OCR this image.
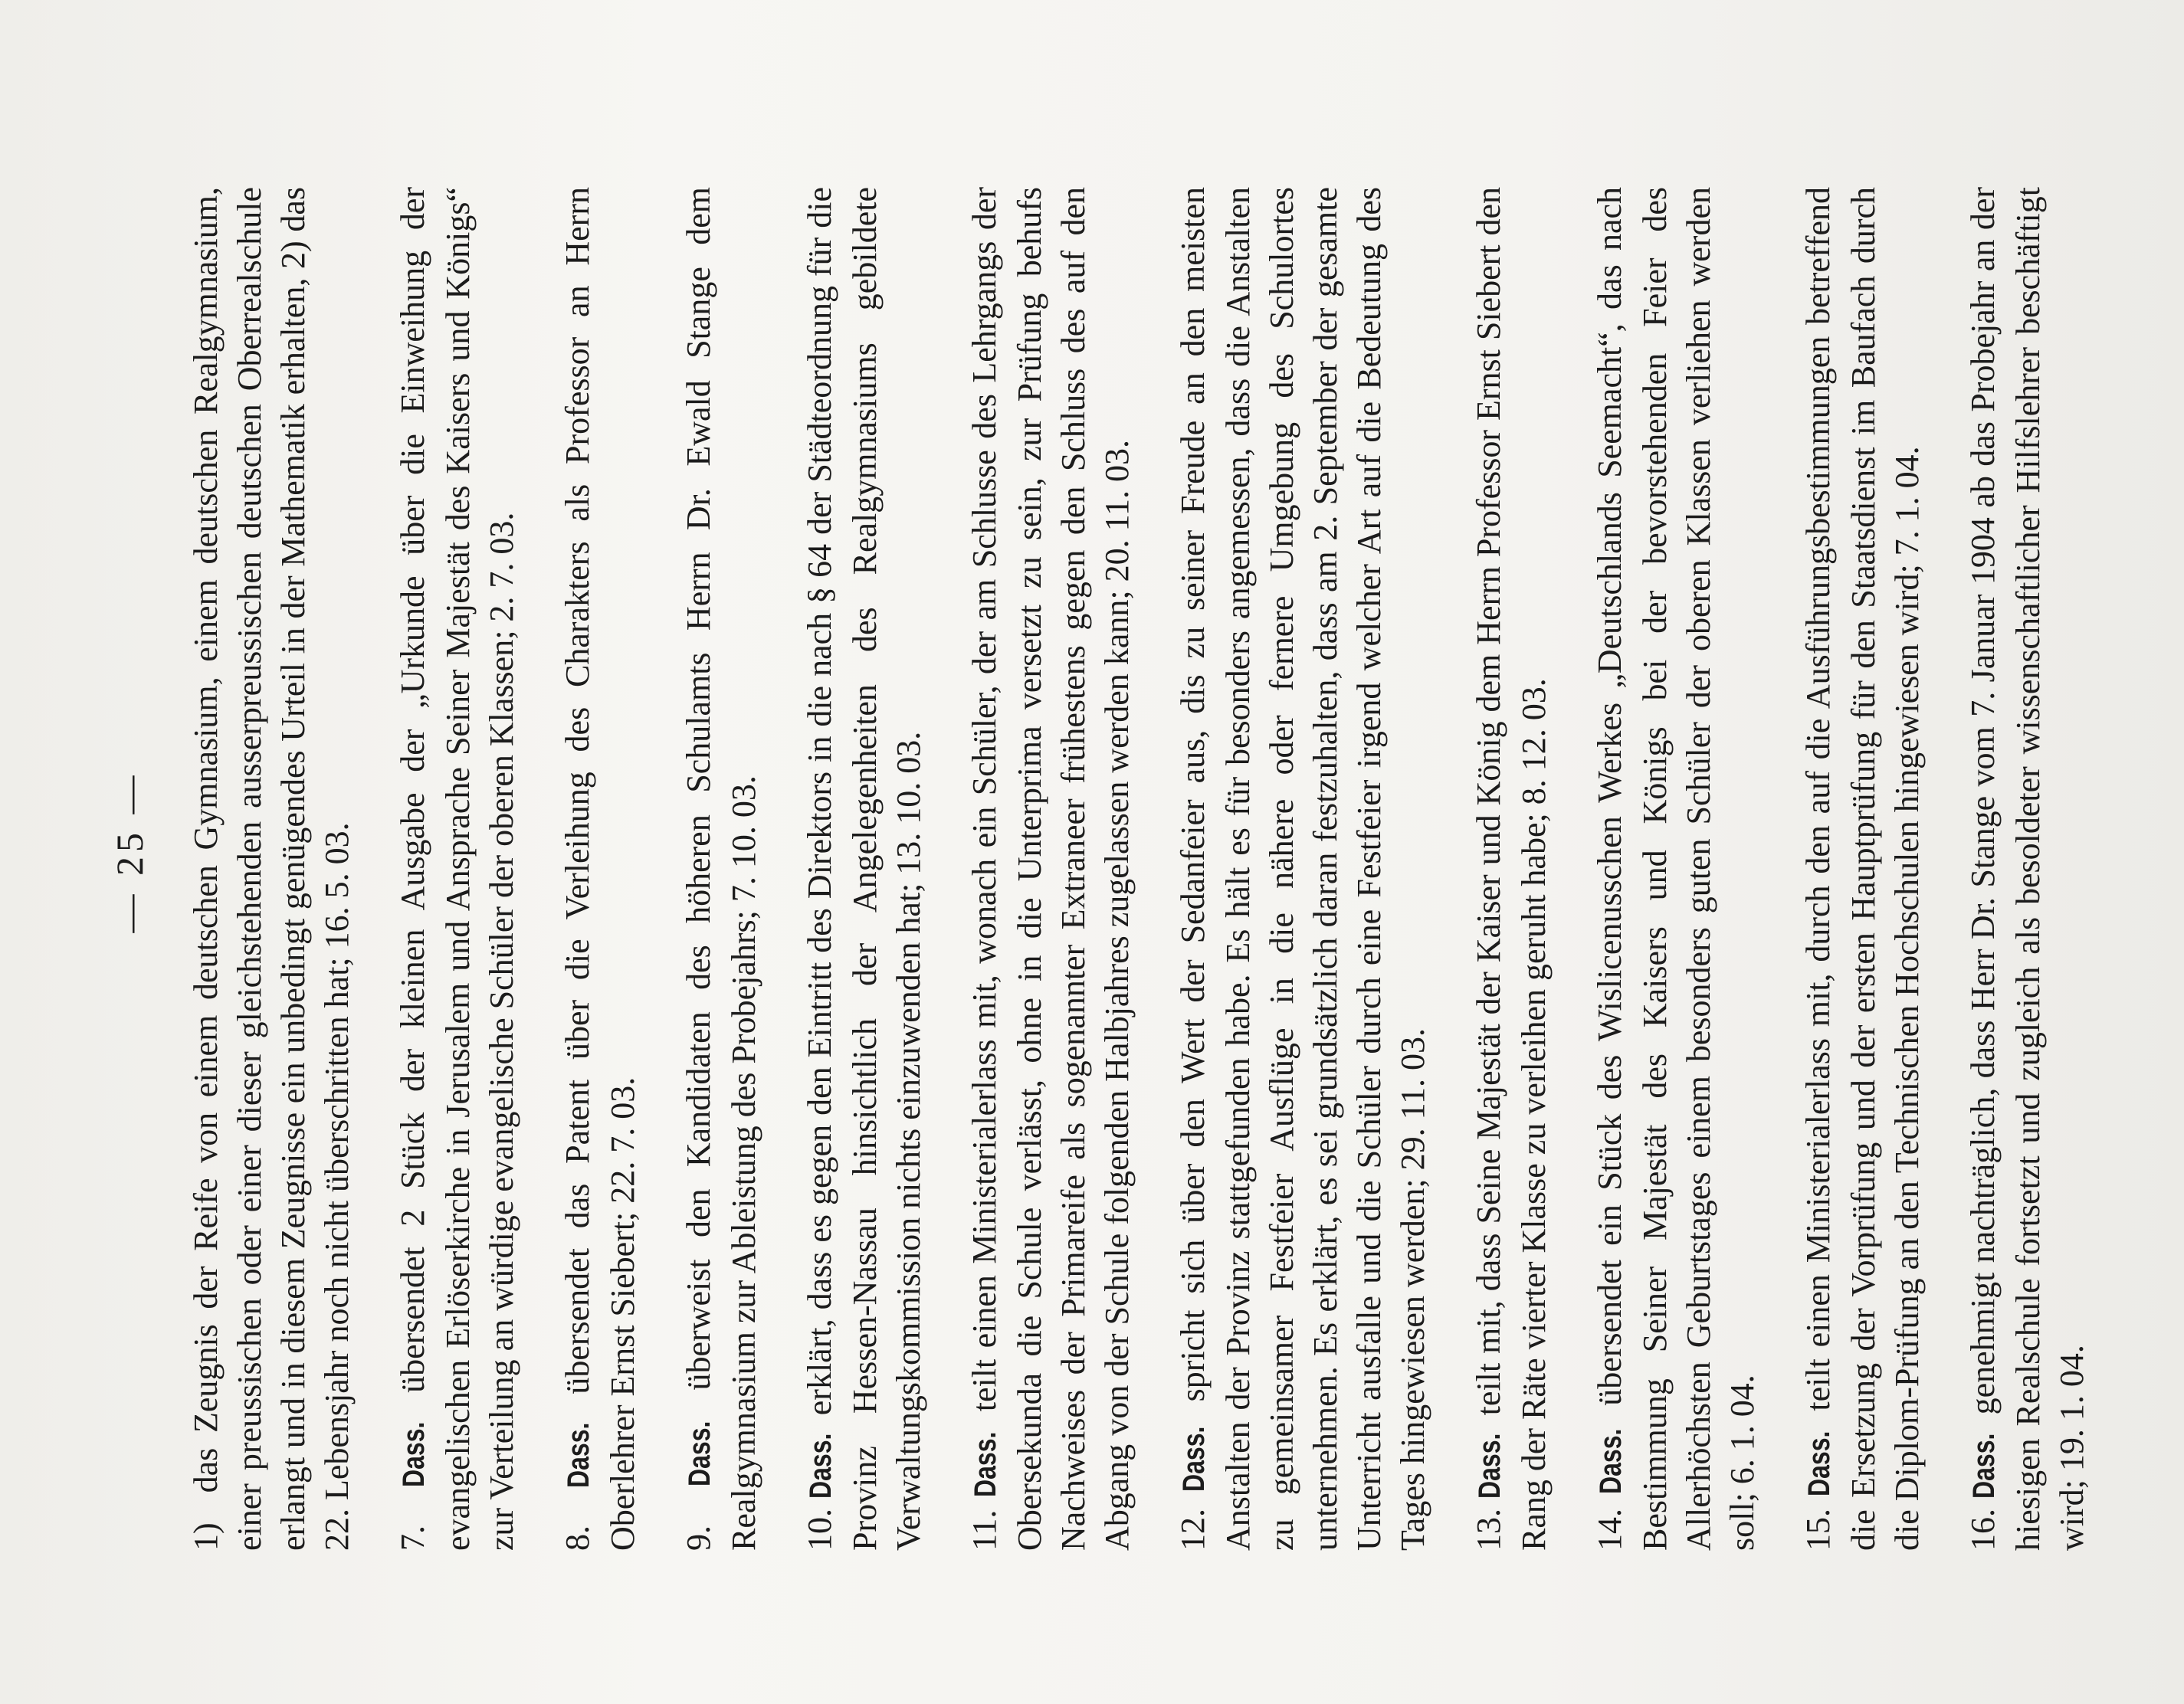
— 25 —

1) das Zeugnis der Reife von einem deutschen Gymnasium, einem deutschen Realgymnasium, einer preussischen oder einer dieser gleichstehenden ausserpreussischen deutschen Oberrealschule erlangt und in diesem Zeugnisse ein unbedingt genügendes Urteil in der Mathematik erhalten, 2) das 22. Lebensjahr noch nicht überschritten hat; 16. 5. 03. 7. Dass. übersendet 2 Stück der kleinen Ausgabe der „Urkunde über die Einweihung der evangelischen Erlöserkirche in Jerusalem und Ansprache Seiner Majestät des Kaisers und Königs“ zur Verteilung an würdige evangelische Schüler der oberen Klassen; 2. 7. 03. 8. Dass. übersendet das Patent über die Verleihung des Charakters als Professor an Herrn Oberlehrer Ernst Siebert; 22. 7. 03. 9. Dass. überweist den Kandidaten des höheren Schulamts Herrn Dr. Ewald Stange dem Realgymnasium zur Ableistung des Probejahrs; 7. 10. 03. 10. Dass. erklärt, dass es gegen den Eintritt des Direktors in die nach § 64 der Städteordnung für die Provinz Hessen-Nassau hinsichtlich der Angelegenheiten des Realgymnasiums gebildete Verwaltungskommission nichts einzuwenden hat; 13. 10. 03. 11. Dass. teilt einen Ministerialerlass mit, wonach ein Schüler, der am Schlusse des Lehrgangs der Obersekunda die Schule verlässt, ohne in die Unterprima versetzt zu sein, zur Prüfung behufs Nachweises der Primareife als sogenannter Extraneer frühestens gegen den Schluss des auf den Abgang von der Schule folgenden Halbjahres zugelassen werden kann; 20. 11. 03. 12. Dass. spricht sich über den Wert der Sedanfeier aus, dis zu seiner Freude an den meisten Anstalten der Provinz stattgefunden habe. Es hält es für besonders angemessen, dass die Anstalten zu gemeinsamer Festfeier Ausflüge in die nähere oder fernere Umgebung des Schulortes unternehmen. Es erklärt, es sei grundsätzlich daran festzuhalten, dass am 2. September der gesamte Unterricht ausfalle und die Schüler durch eine Festfeier irgend welcher Art auf die Bedeutung des Tages hingewiesen werden; 29. 11. 03. 13. Dass. teilt mit, dass Seine Majestät der Kaiser und König dem Herrn Professor Ernst Siebert den Rang der Räte vierter Klasse zu verleihen geruht habe; 8. 12. 03. 14. Dass. übersendet ein Stück des Wislicenusschen Werkes „Deutschlands Seemacht“, das nach Bestimmung Seiner Majestät des Kaisers und Königs bei der bevorstehenden Feier des Allerhöchsten Geburtstages einem besonders guten Schüler der oberen Klassen verliehen werden soll; 6. 1. 04. 15. Dass. teilt einen Ministerialerlass mit, durch den auf die Ausführungsbestimmungen betreffend die Ersetzung der Vorprüfung und der ersten Hauptprüfung für den Staatsdienst im Baufach durch die Diplom-Prüfung an den Technischen Hochschulen hingewiesen wird; 7. 1. 04. 16. Dass. genehmigt nachträglich, dass Herr Dr. Stange vom 7. Januar 1904 ab das Probejahr an der hiesigen Realschule fortsetzt und zugleich als besoldeter wissenschaftlicher Hilfslehrer beschäftigt wird; 19. 1. 04.
